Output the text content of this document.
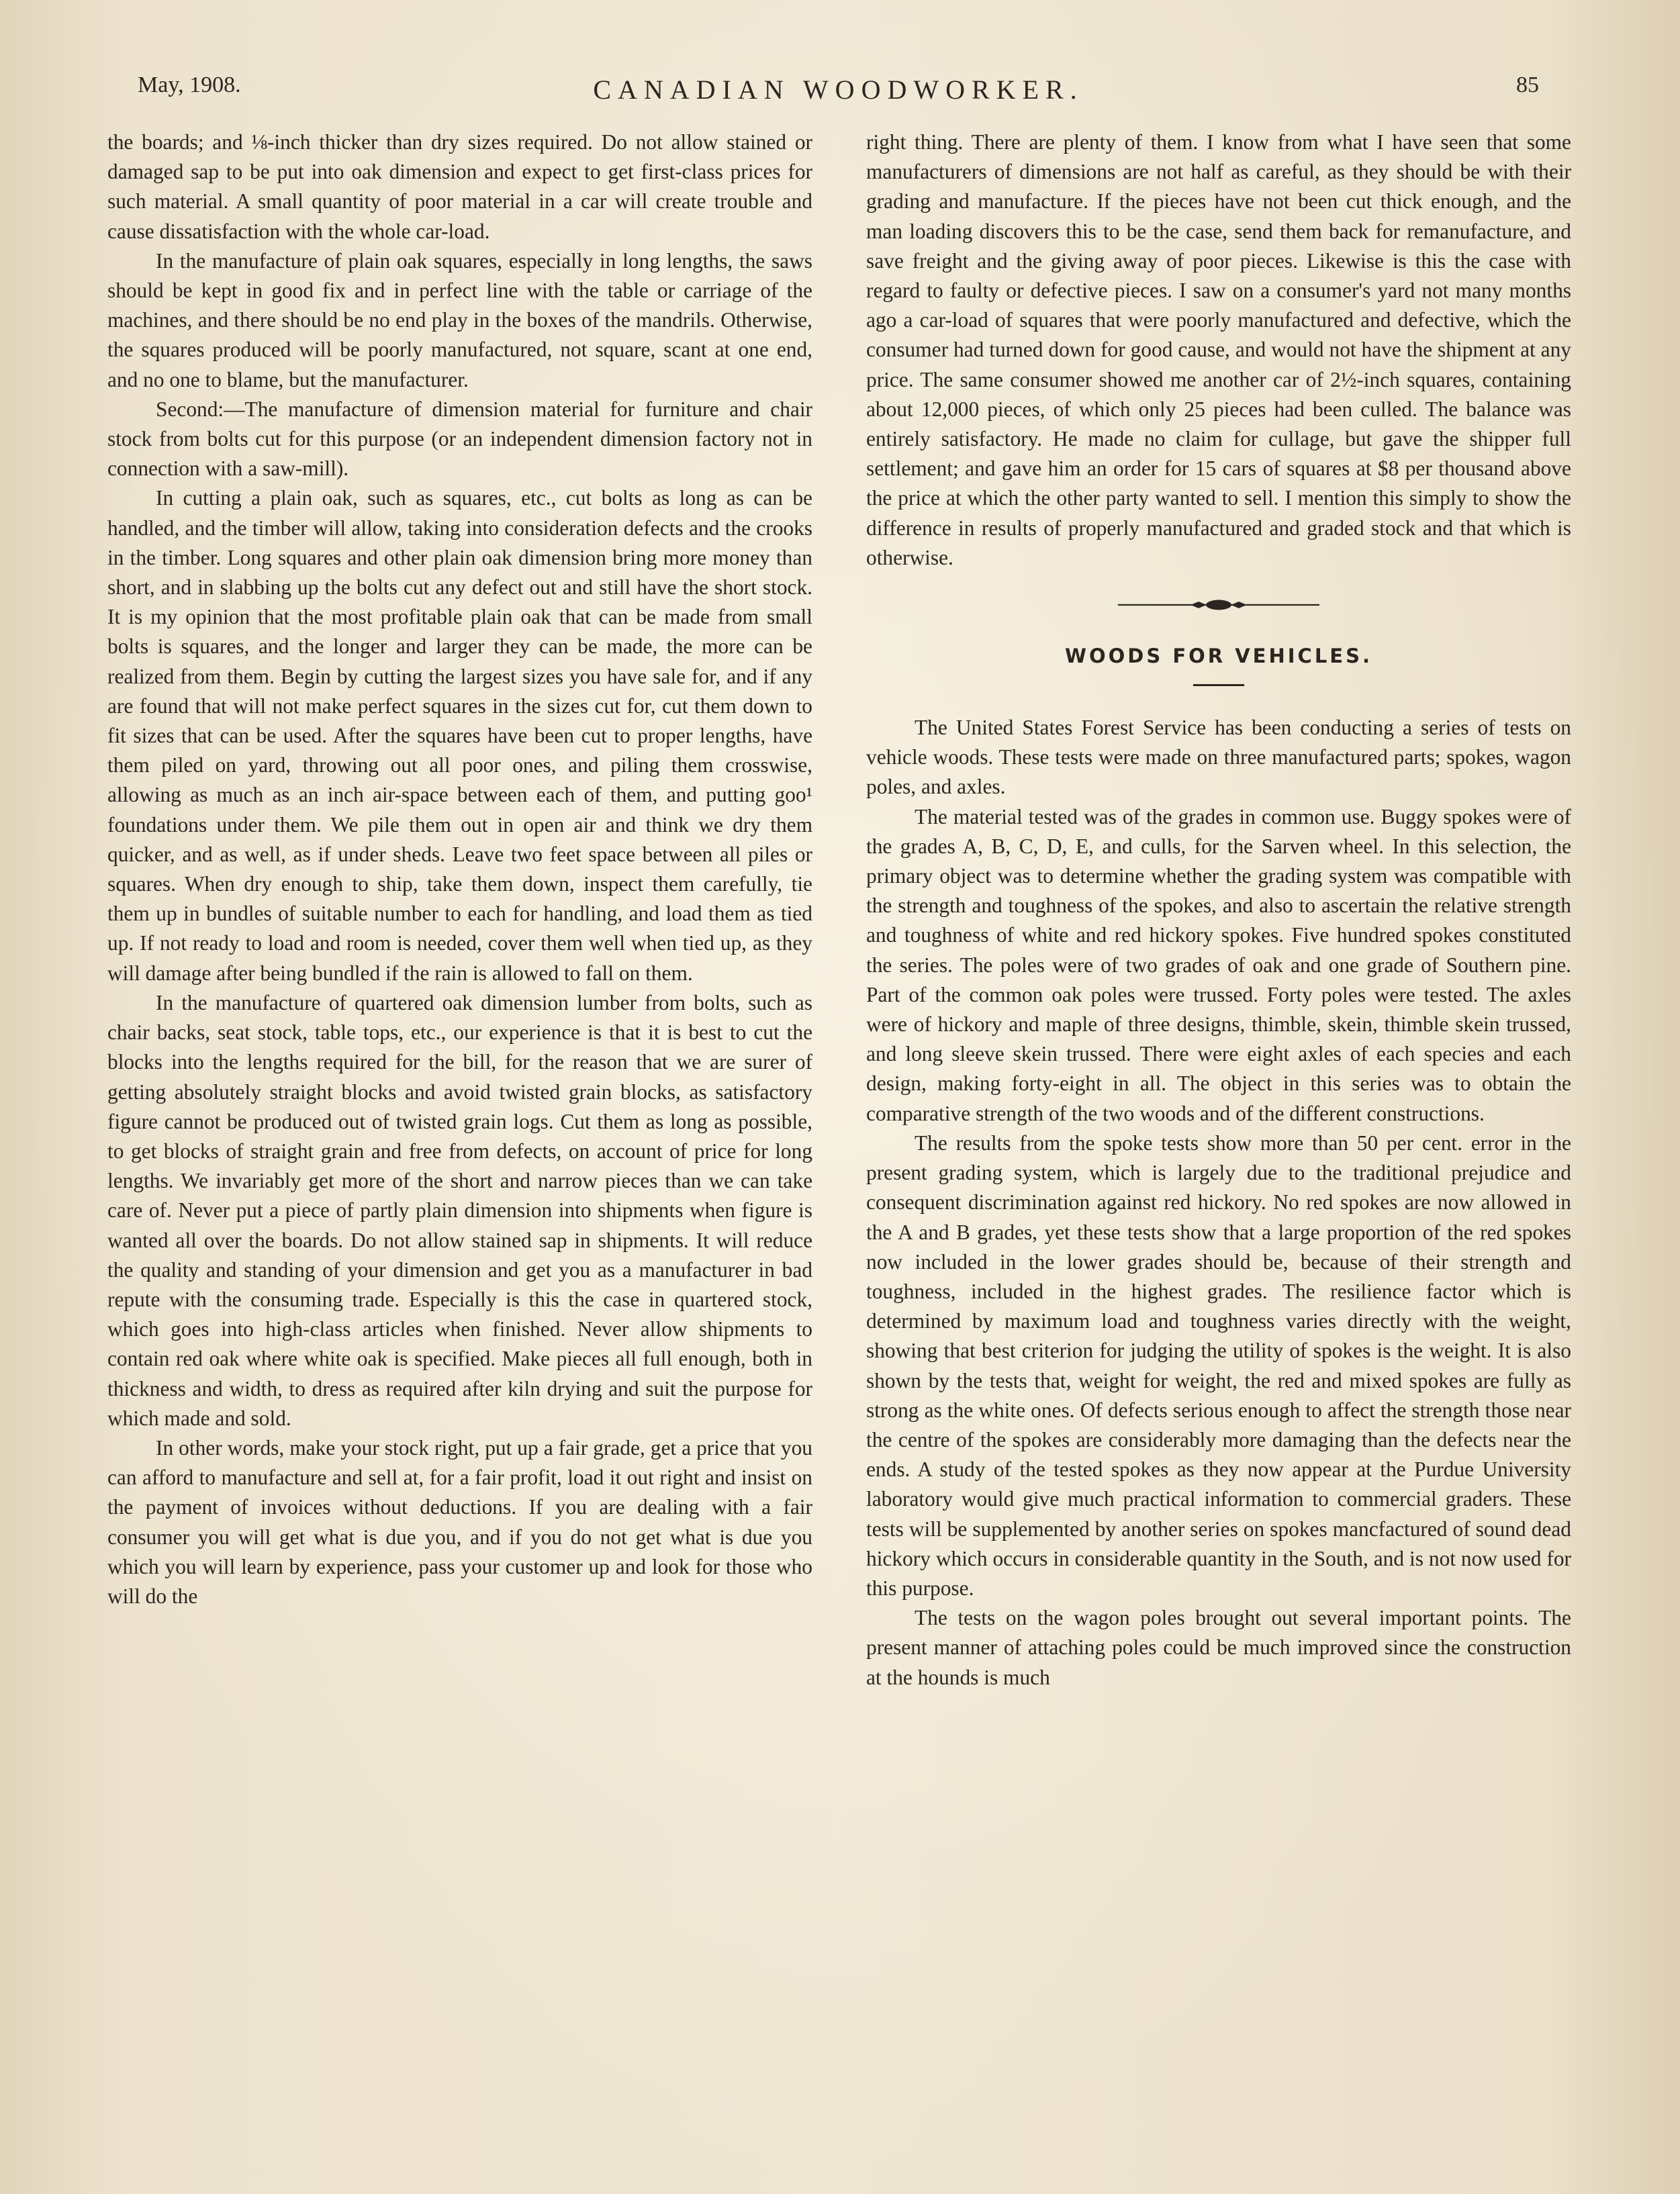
May, 1908.	CANADIAN WOODWORKER.	85

the boards; and ⅛-inch thicker than dry sizes required. Do not allow stained or damaged sap to be put into oak dimension and expect to get first-class prices for such material. A small quantity of poor material in a car will create trouble and cause dissatisfaction with the whole car-load.

In the manufacture of plain oak squares, especially in long lengths, the saws should be kept in good fix and in perfect line with the table or carriage of the machines, and there should be no end play in the boxes of the mandrils. Otherwise, the squares produced will be poorly manufactured, not square, scant at one end, and no one to blame, but the manufacturer.

Second:—The manufacture of dimension material for furniture and chair stock from bolts cut for this purpose (or an independent dimension factory not in connection with a saw-mill).

In cutting a plain oak, such as squares, etc., cut bolts as long as can be handled, and the timber will allow, taking into consideration defects and the crooks in the timber. Long squares and other plain oak dimension bring more money than short, and in slabbing up the bolts cut any defect out and still have the short stock. It is my opinion that the most profitable plain oak that can be made from small bolts is squares, and the longer and larger they can be made, the more can be realized from them. Begin by cutting the largest sizes you have sale for, and if any are found that will not make perfect squares in the sizes cut for, cut them down to fit sizes that can be used. After the squares have been cut to proper lengths, have them piled on yard, throwing out all poor ones, and piling them crosswise, allowing as much as an inch air-space between each of them, and putting goo¹ foundations under them. We pile them out in open air and think we dry them quicker, and as well, as if under sheds. Leave two feet space between all piles or squares. When dry enough to ship, take them down, inspect them carefully, tie them up in bundles of suitable number to each for handling, and load them as tied up. If not ready to load and room is needed, cover them well when tied up, as they will damage after being bundled if the rain is allowed to fall on them.

In the manufacture of quartered oak dimension lumber from bolts, such as chair backs, seat stock, table tops, etc., our experience is that it is best to cut the blocks into the lengths required for the bill, for the reason that we are surer of getting absolutely straight blocks and avoid twisted grain blocks, as satisfactory figure cannot be produced out of twisted grain logs. Cut them as long as possible, to get blocks of straight grain and free from defects, on account of price for long lengths. We invariably get more of the short and narrow pieces than we can take care of. Never put a piece of partly plain dimension into shipments when figure is wanted all over the boards. Do not allow stained sap in shipments. It will reduce the quality and standing of your dimension and get you as a manufacturer in bad repute with the consuming trade. Especially is this the case in quartered stock, which goes into high-class articles when finished. Never allow shipments to contain red oak where white oak is specified. Make pieces all full enough, both in thickness and width, to dress as required after kiln drying and suit the purpose for which made and sold.

In other words, make your stock right, put up a fair grade, get a price that you can afford to manufacture and sell at, for a fair profit, load it out right and insist on the payment of invoices without deductions. If you are dealing with a fair consumer you will get what is due you, and if you do not get what is due you which you will learn by experience, pass your customer up and look for those who will do the

right thing. There are plenty of them. I know from what I have seen that some manufacturers of dimensions are not half as careful, as they should be with their grading and manufacture. If the pieces have not been cut thick enough, and the man loading discovers this to be the case, send them back for remanufacture, and save freight and the giving away of poor pieces. Likewise is this the case with regard to faulty or defective pieces. I saw on a consumer's yard not many months ago a car-load of squares that were poorly manufactured and defective, which the consumer had turned down for good cause, and would not have the shipment at any price. The same consumer showed me another car of 2½-inch squares, containing about 12,000 pieces, of which only 25 pieces had been culled. The balance was entirely satisfactory. He made no claim for cullage, but gave the shipper full settlement; and gave him an order for 15 cars of squares at $8 per thousand above the price at which the other party wanted to sell. I mention this simply to show the difference in results of properly manufactured and graded stock and that which is otherwise.

WOODS FOR VEHICLES.

The United States Forest Service has been conducting a series of tests on vehicle woods. These tests were made on three manufactured parts; spokes, wagon poles, and axles.

The material tested was of the grades in common use. Buggy spokes were of the grades A, B, C, D, E, and culls, for the Sarven wheel. In this selection, the primary object was to determine whether the grading system was compatible with the strength and toughness of the spokes, and also to ascertain the relative strength and toughness of white and red hickory spokes. Five hundred spokes constituted the series. The poles were of two grades of oak and one grade of Southern pine. Part of the common oak poles were trussed. Forty poles were tested. The axles were of hickory and maple of three designs, thimble, skein, thimble skein trussed, and long sleeve skein trussed. There were eight axles of each species and each design, making forty-eight in all. The object in this series was to obtain the comparative strength of the two woods and of the different constructions.

The results from the spoke tests show more than 50 per cent. error in the present grading system, which is largely due to the traditional prejudice and consequent discrimination against red hickory. No red spokes are now allowed in the A and B grades, yet these tests show that a large proportion of the red spokes now included in the lower grades should be, because of their strength and toughness, included in the highest grades. The resilience factor which is determined by maximum load and toughness varies directly with the weight, showing that best criterion for judging the utility of spokes is the weight. It is also shown by the tests that, weight for weight, the red and mixed spokes are fully as strong as the white ones. Of defects serious enough to affect the strength those near the centre of the spokes are considerably more damaging than the defects near the ends. A study of the tested spokes as they now appear at the Purdue University laboratory would give much practical information to commercial graders. These tests will be supplemented by another series on spokes mancfactured of sound dead hickory which occurs in considerable quantity in the South, and is not now used for this purpose.

The tests on the wagon poles brought out several important points. The present manner of attaching poles could be much improved since the construction at the hounds is much
